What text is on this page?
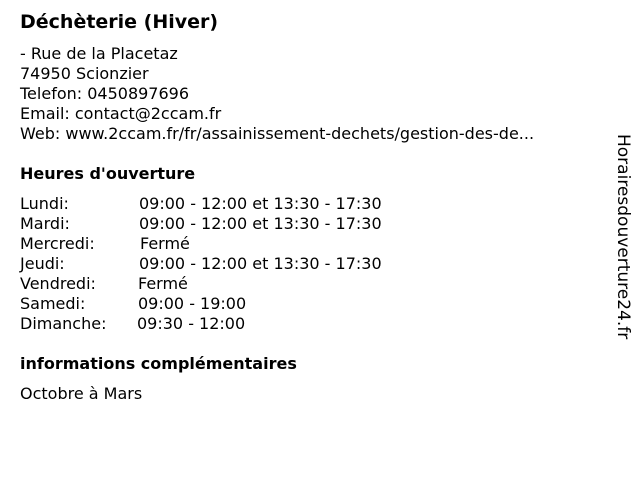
Déchèterie (Hiver)
- Rue de la Placetaz
74950 Scionzier
Telefon: 0450897696
Email: contact@2ccam.fr
Web: www.2ccam.fr/fr/assainissement-dechets/gestion-des-de...
Heures d'ouverture
Lundi:	09:00 - 12:00 et 13:30 - 17:30
Mardi:	09:00 - 12:00 et 13:30 - 17:30
Mercredi:	Fermé
Jeudi:	09:00 - 12:00 et 13:30 - 17:30
Vendredi:	Fermé
Samedi:	09:00 - 19:00
Dimanche: 09:30 - 12:00
informations complémentaires
Octobre à Mars
Horairesdouverture24.fr
